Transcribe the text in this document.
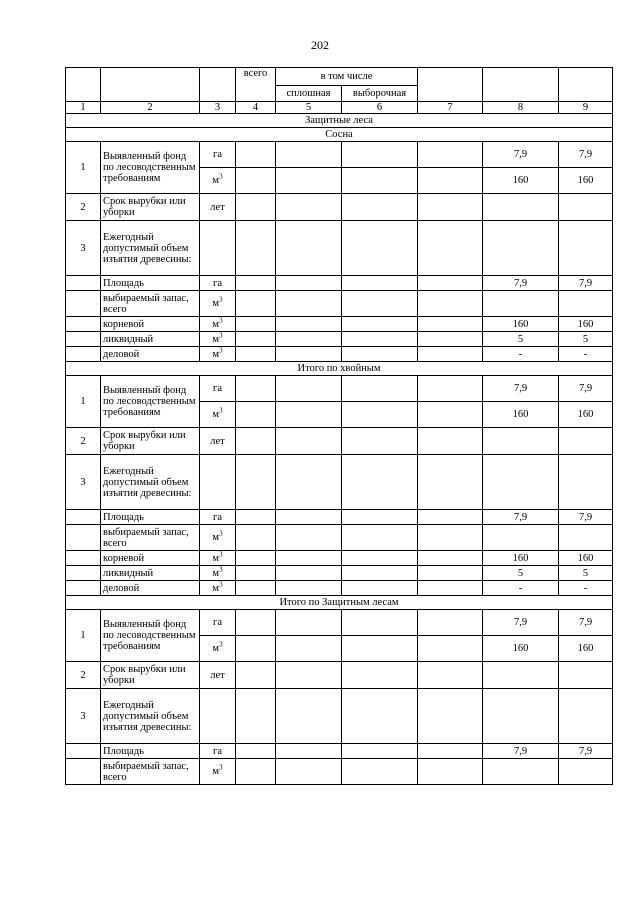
202
			всего	в том числе				
				сплошная	выборочная			
1	2	3	4	5	6	7	8	9
Защитные леса								
Сосна								
1	Выявленный фонд по лесоводственным требованиям	га					7,9	7,9
		$м^3$					160	160
2	Срок вырубки или уборки	лет						
3	Ежегодный допустимый объем изъятия древесины:							
	Площадь	га					7,9	7,9
	выбираемый запас, всего	$м^3$						
	корневой	$м^3$					160	160
	ликвидный	$м^3$					5	5
	деловой	$м^3$					-	-
Итого по хвойным								
1	Выявленный фонд по лесоводственным требованиям	га					7,9	7,9
		$м^3$					160	160
2	Срок вырубки или уборки	лет						
3	Ежегодный допустимый объем изъятия древесины:							
	Площадь	га					7,9	7,9
	выбираемый запас, всего	$м^3$						
	корневой	$м^3$					160	160
	ликвидный	$м^3$					5	5
	деловой	$м^3$					-	-
Итого по Защитным лесам								
1	Выявленный фонд по лесоводственным требованиям	га					7,9	7,9
		$м^3$					160	160
2	Срок вырубки или уборки	лет						
3	Ежегодный допустимый объем изъятия древесины:							
	Площадь	га					7,9	7,9
	выбираемый запас, всего	$м^3$						
